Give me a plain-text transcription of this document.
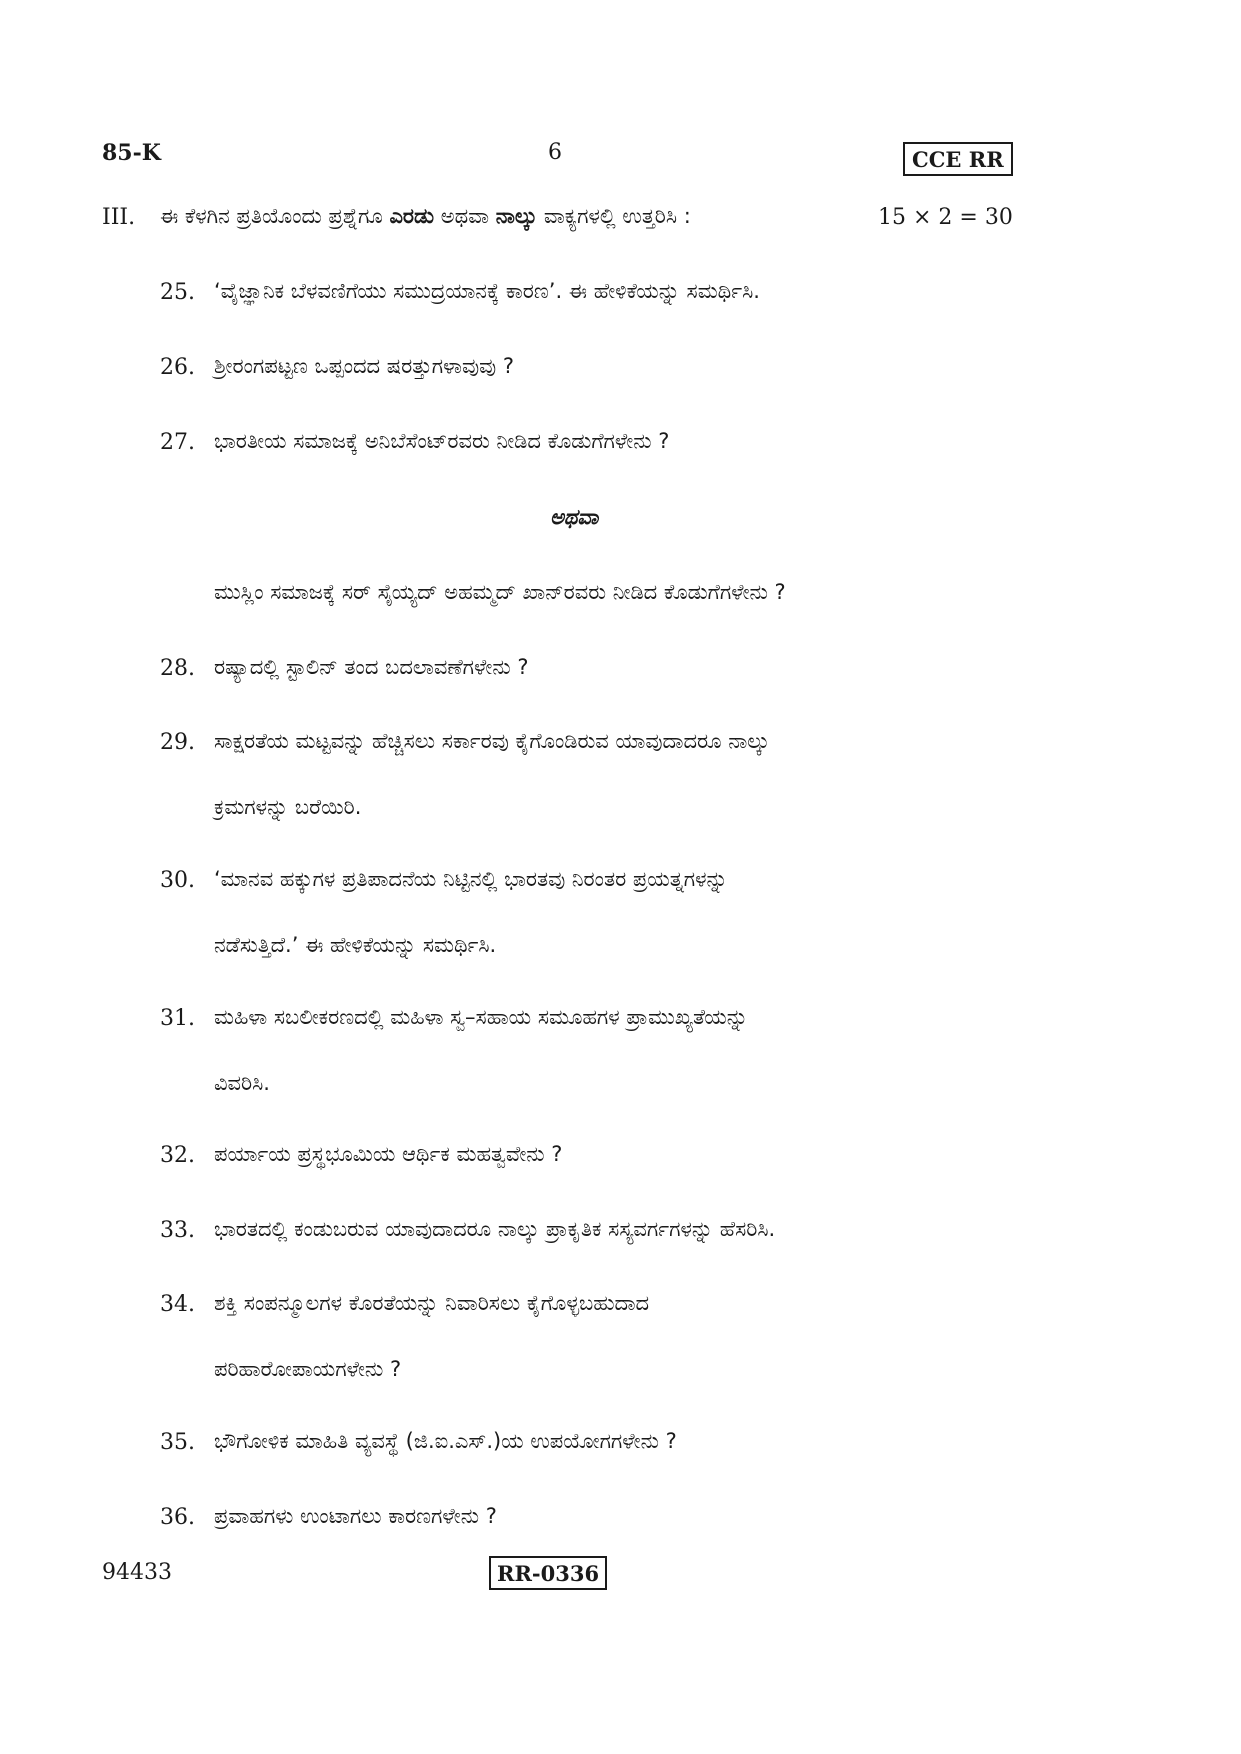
85-K	6	CCE RR
III. ಈ ಕೆಳಗಿನ ಪ್ರತಿಯೊಂದು ಪ್ರಶ್ನೆಗೂ ಎರಡು ಅಥವಾ ನಾಲ್ಕು ವಾಕ್ಯಗಳಲ್ಲಿ ಉತ್ತರಿಸಿ :	15 × 2 = 30
25. ‘ವೈಜ್ಞಾನಿಕ ಬೆಳವಣಿಗೆಯು ಸಮುದ್ರಯಾನಕ್ಕೆ ಕಾರಣ’. ಈ ಹೇಳಿಕೆಯನ್ನು ಸಮರ್ಥಿಸಿ.
26. ಶ್ರೀರಂಗಪಟ್ಟಣ ಒಪ್ಪಂದದ ಷರತ್ತುಗಳಾವುವು ?
27. ಭಾರತೀಯ ಸಮಾಜಕ್ಕೆ ಅನಿಬೆಸೆಂಟ್‌ರವರು ನೀಡಿದ ಕೊಡುಗೆಗಳೇನು ?
ಅಥವಾ
ಮುಸ್ಲಿಂ ಸಮಾಜಕ್ಕೆ ಸರ್ ಸೈಯ್ಯದ್ ಅಹಮ್ಮದ್ ಖಾನ್‌ರವರು ನೀಡಿದ ಕೊಡುಗೆಗಳೇನು ?
28. ರಷ್ಯಾದಲ್ಲಿ ಸ್ಟಾಲಿನ್ ತಂದ ಬದಲಾವಣೆಗಳೇನು ?
29. ಸಾಕ್ಷರತೆಯ ಮಟ್ಟವನ್ನು ಹೆಚ್ಚಿಸಲು ಸರ್ಕಾರವು ಕೈಗೊಂಡಿರುವ ಯಾವುದಾದರೂ ನಾಲ್ಕು
ಕ್ರಮಗಳನ್ನು ಬರೆಯಿರಿ.
30. ‘ಮಾನವ ಹಕ್ಕುಗಳ ಪ್ರತಿಪಾದನೆಯ ನಿಟ್ಟಿನಲ್ಲಿ ಭಾರತವು ನಿರಂತರ ಪ್ರಯತ್ನಗಳನ್ನು
ನಡೆಸುತ್ತಿದೆ.’ ಈ ಹೇಳಿಕೆಯನ್ನು ಸಮರ್ಥಿಸಿ.
31. ಮಹಿಳಾ ಸಬಲೀಕರಣದಲ್ಲಿ ಮಹಿಳಾ ಸ್ವ–ಸಹಾಯ ಸಮೂಹಗಳ ಪ್ರಾಮುಖ್ಯತೆಯನ್ನು
ವಿವರಿಸಿ.
32. ಪರ್ಯಾಯ ಪ್ರಸ್ಥಭೂಮಿಯ ಆರ್ಥಿಕ ಮಹತ್ವವೇನು ?
33. ಭಾರತದಲ್ಲಿ ಕಂಡುಬರುವ ಯಾವುದಾದರೂ ನಾಲ್ಕು ಪ್ರಾಕೃತಿಕ ಸಸ್ಯವರ್ಗಗಳನ್ನು ಹೆಸರಿಸಿ.
34. ಶಕ್ತಿ ಸಂಪನ್ಮೂಲಗಳ ಕೊರತೆಯನ್ನು ನಿವಾರಿಸಲು ಕೈಗೊಳ್ಳಬಹುದಾದ
ಪರಿಹಾರೋಪಾಯಗಳೇನು ?
35. ಭೌಗೋಳಿಕ ಮಾಹಿತಿ ವ್ಯವಸ್ಥೆ (ಜಿ.ಐ.ಎಸ್.)ಯ ಉಪಯೋಗಗಳೇನು ?
36. ಪ್ರವಾಹಗಳು ಉಂಟಾಗಲು ಕಾರಣಗಳೇನು ?
94433	RR-0336
